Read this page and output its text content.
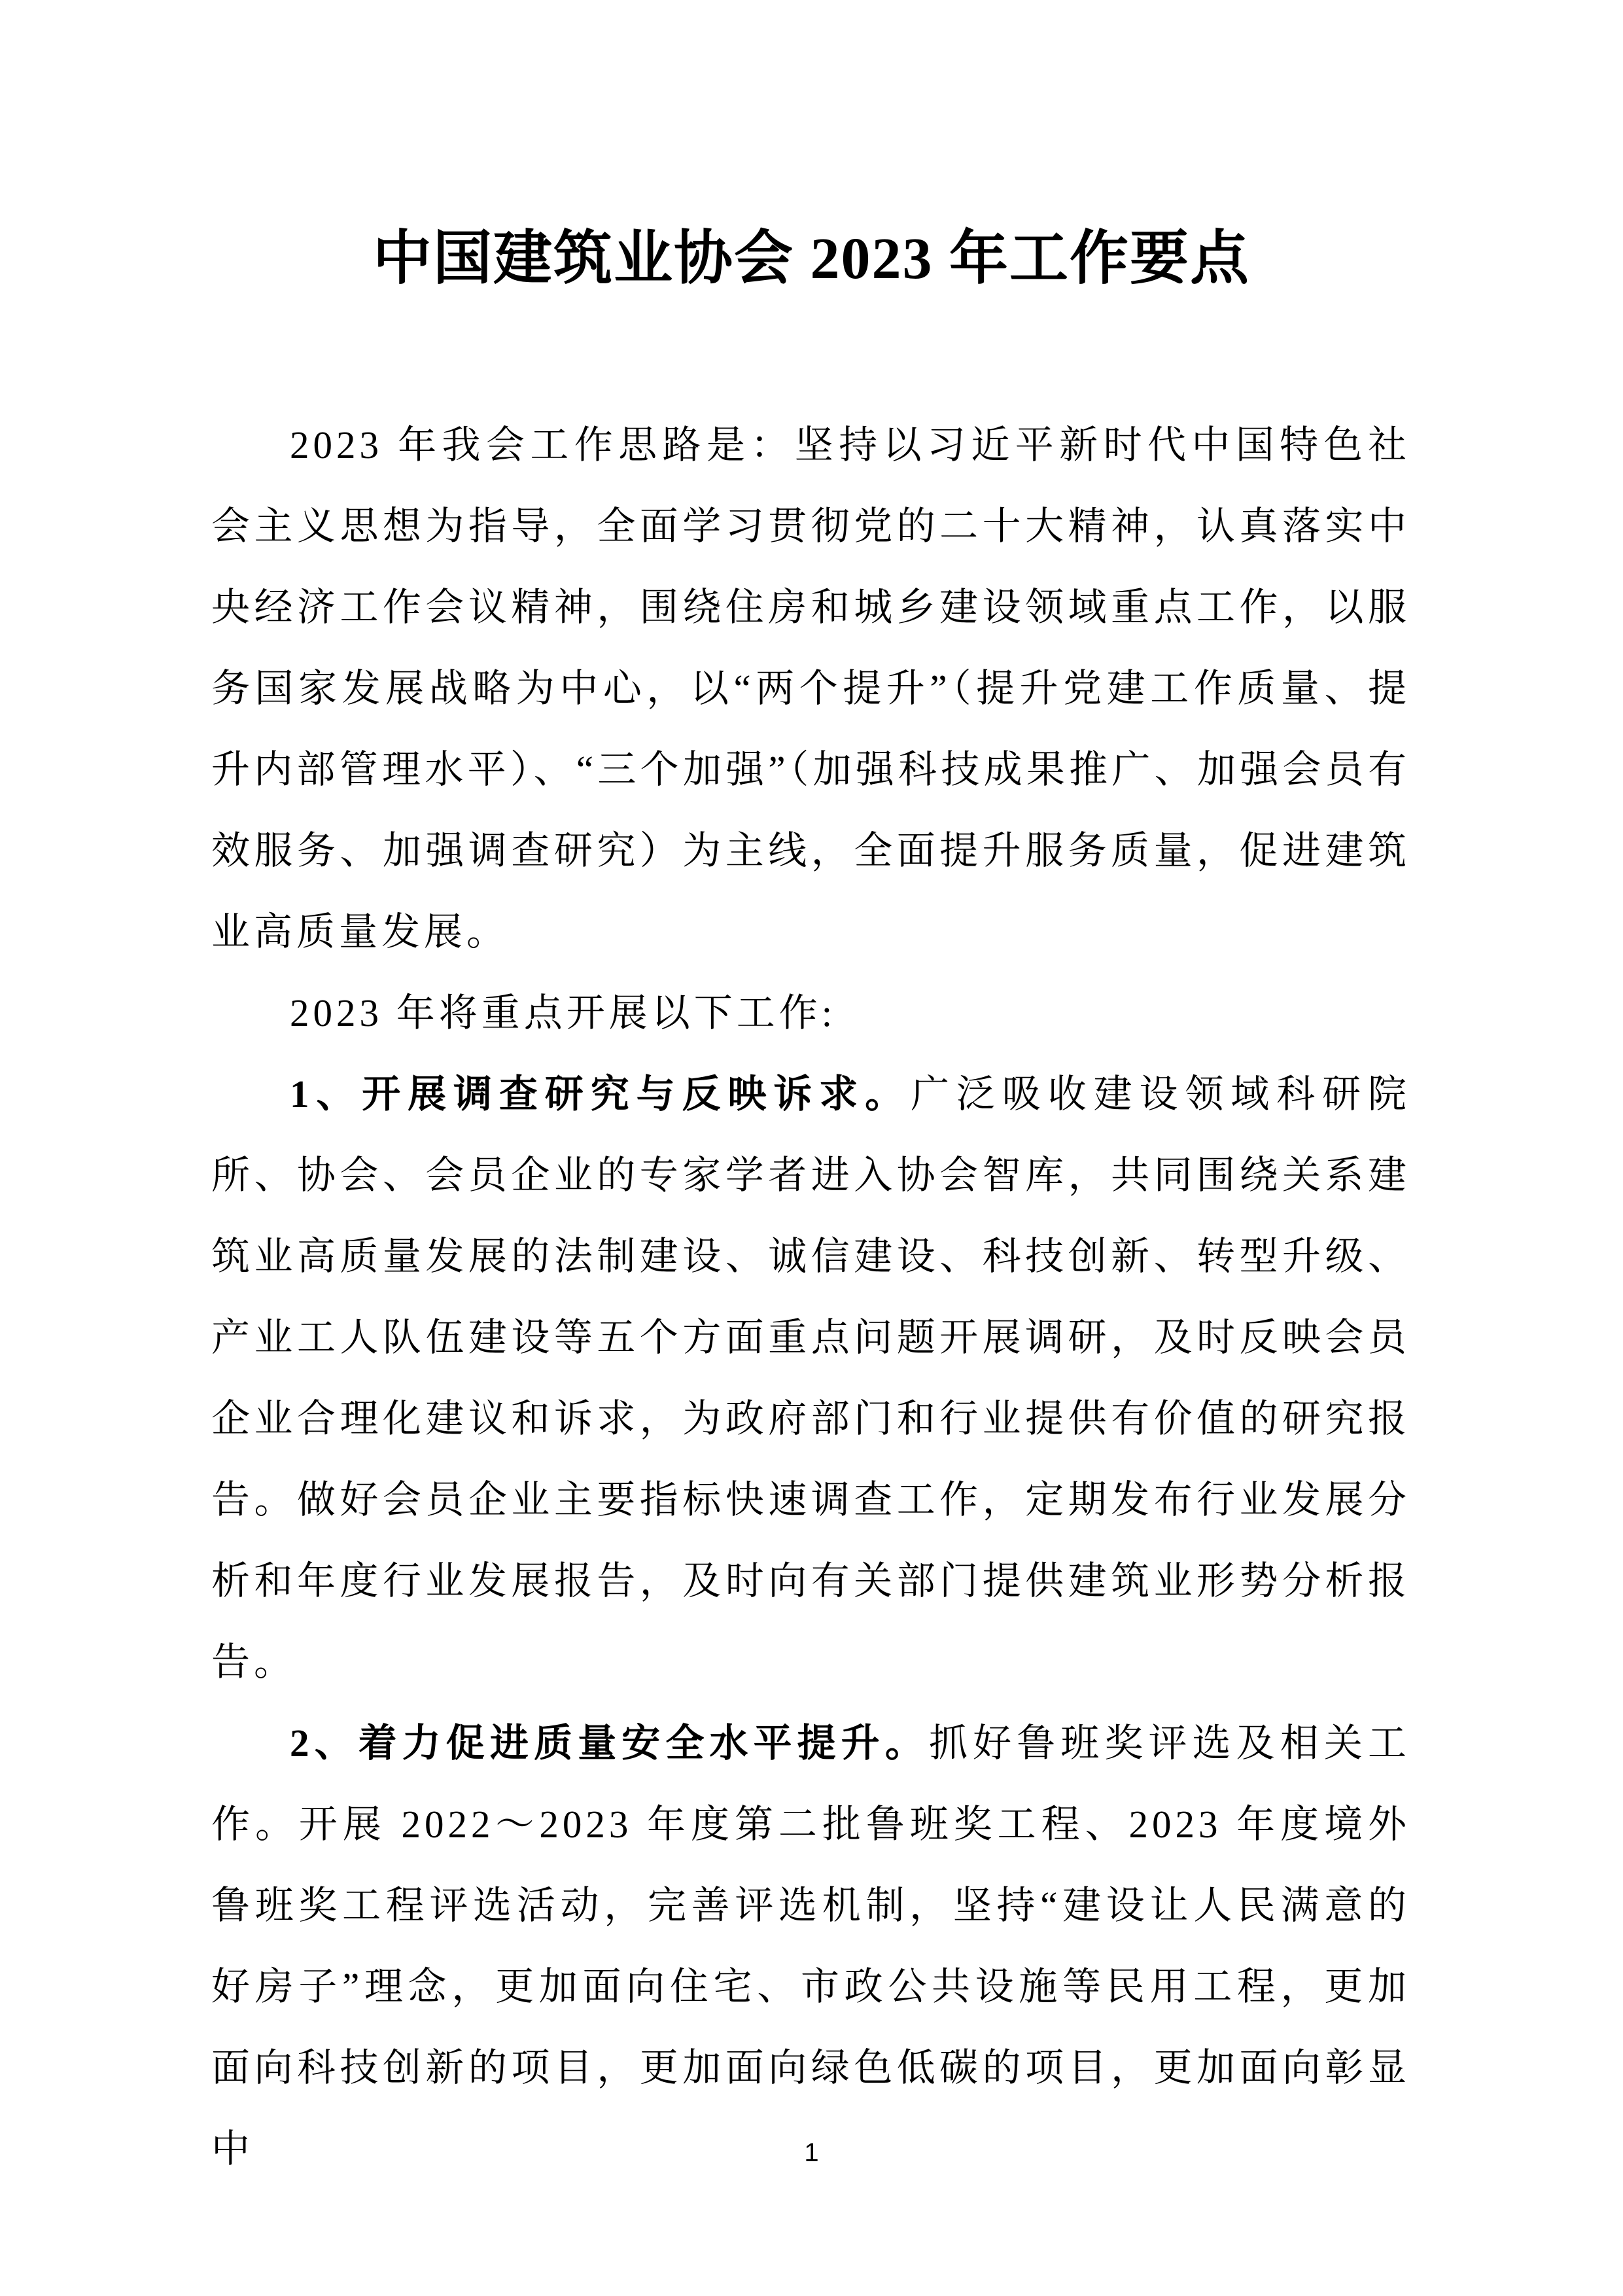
中国建筑业协会 2023 年工作要点

2023 年我会工作思路是：坚持以习近平新时代中国特色社会主义思想为指导，全面学习贯彻党的二十大精神，认真落实中央经济工作会议精神，围绕住房和城乡建设领域重点工作，以服务国家发展战略为中心，以“两个提升”（提升党建工作质量、提升内部管理水平）、“三个加强”（加强科技成果推广、加强会员有效服务、加强调查研究）为主线，全面提升服务质量，促进建筑业高质量发展。

2023 年将重点开展以下工作:

1、开展调查研究与反映诉求。广泛吸收建设领域科研院所、协会、会员企业的专家学者进入协会智库，共同围绕关系建筑业高质量发展的法制建设、诚信建设、科技创新、转型升级、产业工人队伍建设等五个方面重点问题开展调研，及时反映会员企业合理化建议和诉求，为政府部门和行业提供有价值的研究报告。做好会员企业主要指标快速调查工作，定期发布行业发展分析和年度行业发展报告，及时向有关部门提供建筑业形势分析报告。

2、着力促进质量安全水平提升。抓好鲁班奖评选及相关工作。开展 2022～2023 年度第二批鲁班奖工程、2023 年度境外鲁班奖工程评选活动，完善评选机制，坚持“建设让人民满意的好房子”理念，更加面向住宅、市政公共设施等民用工程，更加面向科技创新的项目，更加面向绿色低碳的项目，更加面向彰显中	1
